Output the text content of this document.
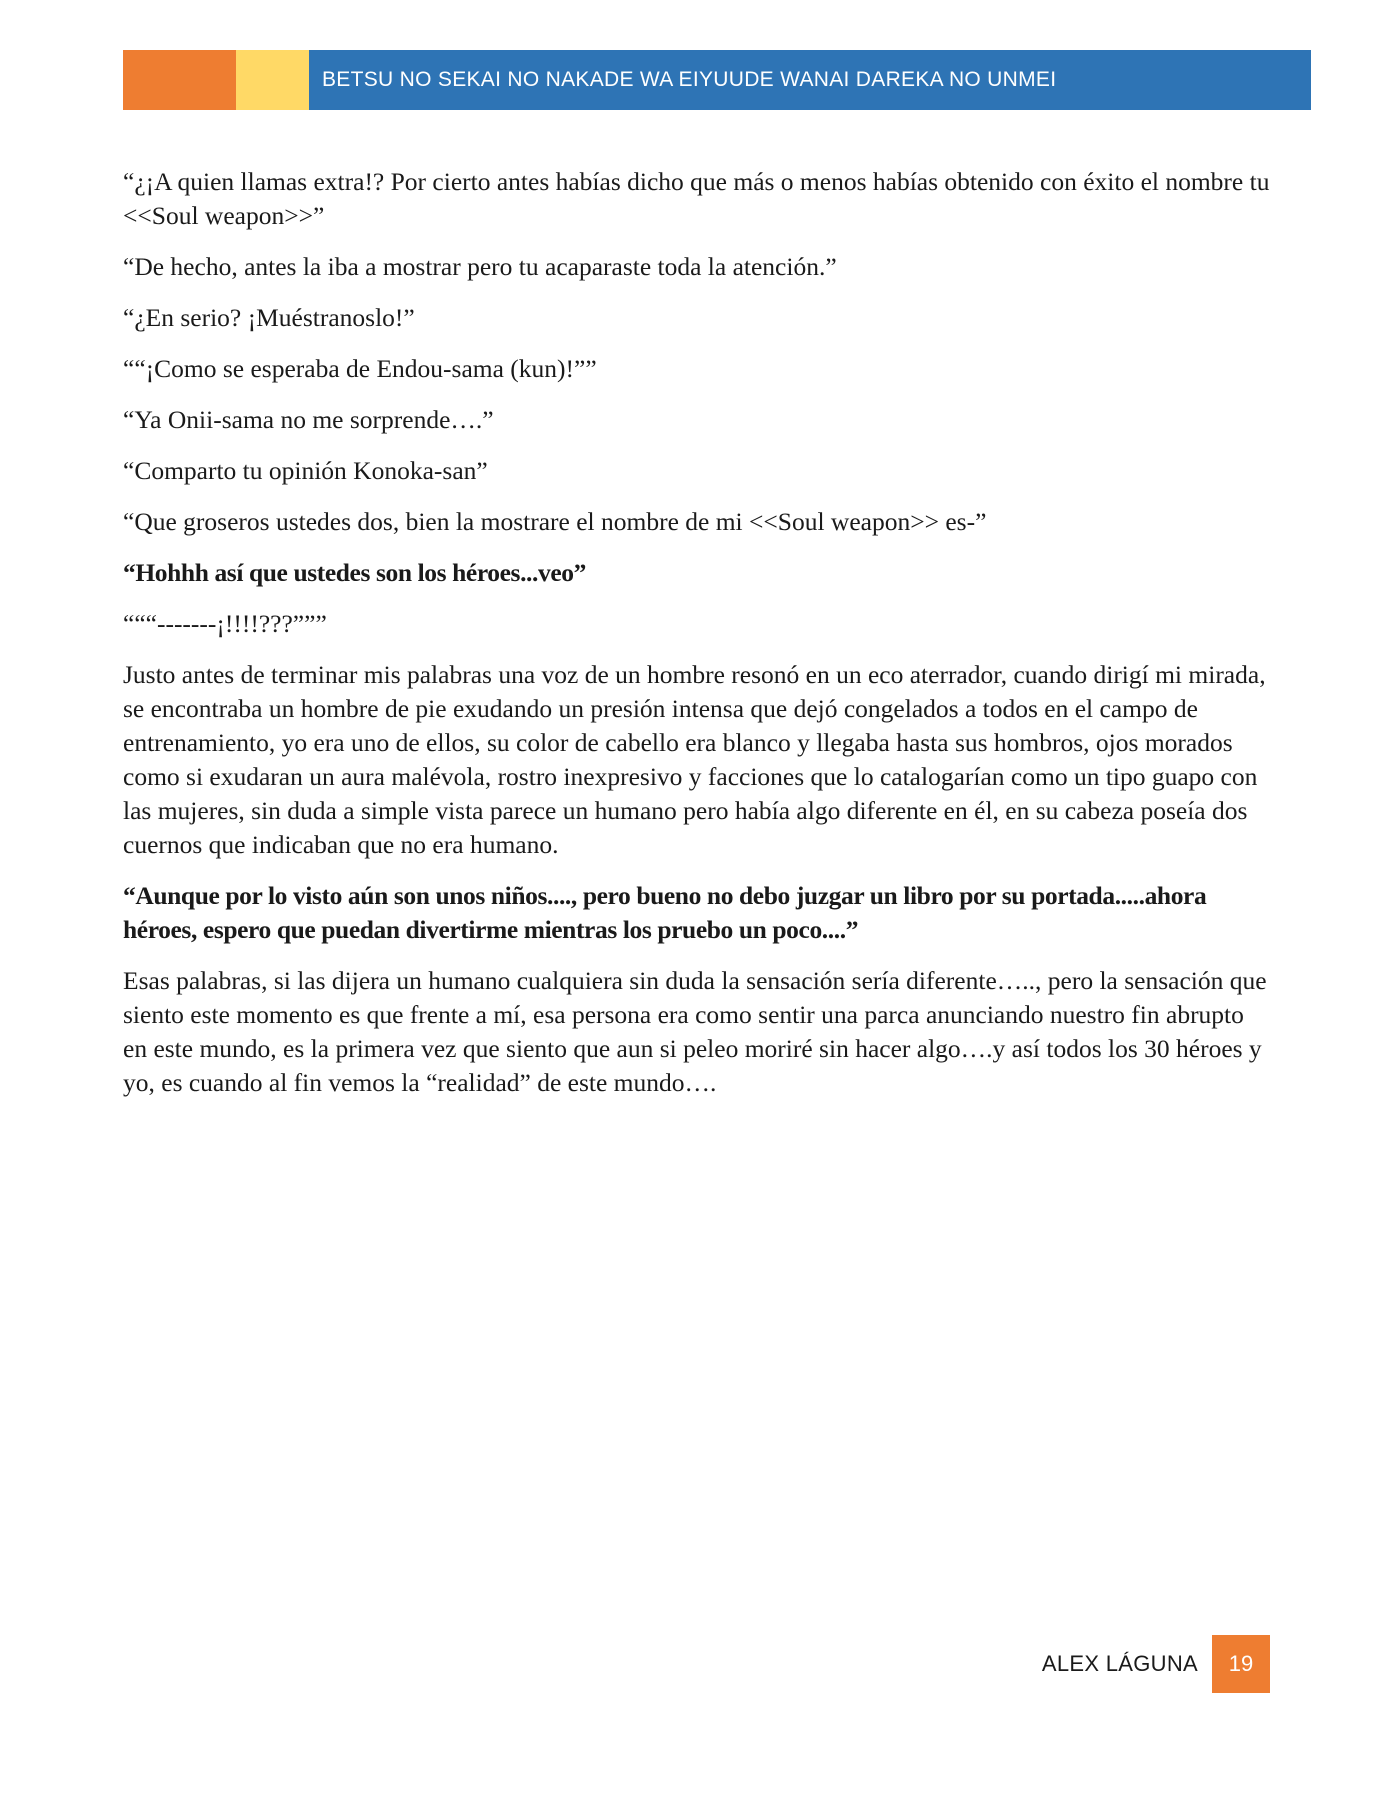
BETSU NO SEKAI NO NAKADE WA EIYUUDE WANAI DAREKA NO UNMEI

“¿¡A quien llamas extra!? Por cierto antes habías dicho que más o menos habías obtenido con éxito el nombre tu <<Soul weapon>>”

“De hecho, antes la iba a mostrar pero tu acaparaste toda la atención.”

“¿En serio? ¡Muéstranoslo!”

““¡Como se esperaba de Endou-sama (kun)!””

“Ya Onii-sama no me sorprende….”

“Comparto tu opinión Konoka-san”

“Que groseros ustedes dos, bien la mostrare el nombre de mi <<Soul weapon>> es-”

“Hohhh así que ustedes son los héroes...veo”

“““-------¡!!!!???”””

Justo antes de terminar mis palabras una voz de un hombre resonó en un eco aterrador, cuando dirigí mi mirada, se encontraba un hombre de pie exudando un presión intensa que dejó congelados a todos en el campo de entrenamiento, yo era uno de ellos, su color de cabello era blanco y llegaba hasta sus hombros, ojos morados como si exudaran un aura malévola, rostro inexpresivo y facciones que lo catalogarían como un tipo guapo con las mujeres, sin duda a simple vista parece un humano pero había algo diferente en él, en su cabeza poseía dos cuernos que indicaban que no era humano.

“Aunque por lo visto aún son unos niños...., pero bueno no debo juzgar un libro por su portada.....ahora héroes, espero que puedan divertirme mientras los pruebo un poco....”

Esas palabras, si las dijera un humano cualquiera sin duda la sensación sería diferente….., pero la sensación que siento este momento es que frente a mí, esa persona era como sentir una parca anunciando nuestro fin abrupto en este mundo, es la primera vez que siento que aun si peleo moriré sin hacer algo….y así todos los 30 héroes y yo, es cuando al fin vemos la “realidad” de este mundo….

ALEX LÁGUNA	19
